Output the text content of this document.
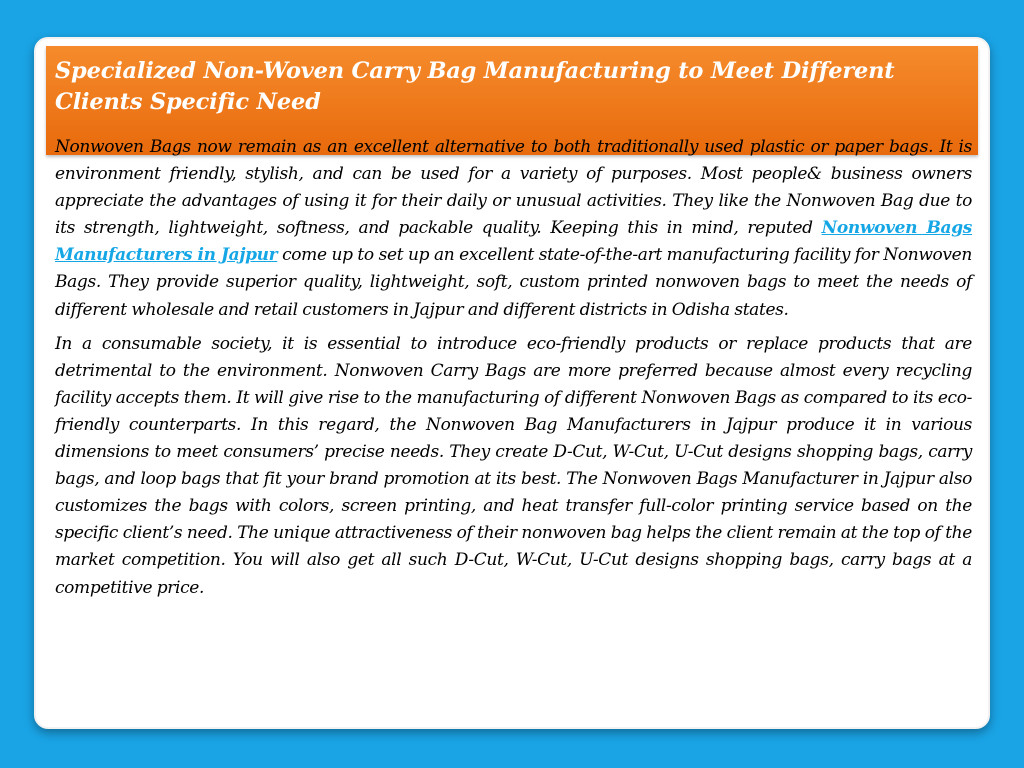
Specialized Non-Woven Carry Bag Manufacturing to Meet Different Clients Specific Need

Nonwoven Bags now remain as an excellent alternative to both traditionally used plastic or paper bags. It is environment friendly, stylish, and can be used for a variety of purposes. Most people& business owners appreciate the advantages of using it for their daily or unusual activities. They like the Nonwoven Bag due to its strength, lightweight, softness, and packable quality. Keeping this in mind, reputed Nonwoven Bags Manufacturers in Jajpur come up to set up an excellent state-of-the-art manufacturing facility for Nonwoven Bags. They provide superior quality, lightweight, soft, custom printed nonwoven bags to meet the needs of different wholesale and retail customers in Jajpur and different districts in Odisha states.

In a consumable society, it is essential to introduce eco-friendly products or replace products that are detrimental to the environment. Nonwoven Carry Bags are more preferred because almost every recycling facility accepts them. It will give rise to the manufacturing of different Nonwoven Bags as compared to its eco-friendly counterparts. In this regard, the Nonwoven Bag Manufacturers in Jajpur produce it in various dimensions to meet consumers’ precise needs. They create D-Cut, W-Cut, U-Cut designs shopping bags, carry bags, and loop bags that fit your brand promotion at its best. The Nonwoven Bags Manufacturer in Jajpur also customizes the bags with colors, screen printing, and heat transfer full-color printing service based on the specific client’s need. The unique attractiveness of their nonwoven bag helps the client remain at the top of the market competition. You will also get all such D-Cut, W-Cut, U-Cut designs shopping bags, carry bags at a competitive price.
